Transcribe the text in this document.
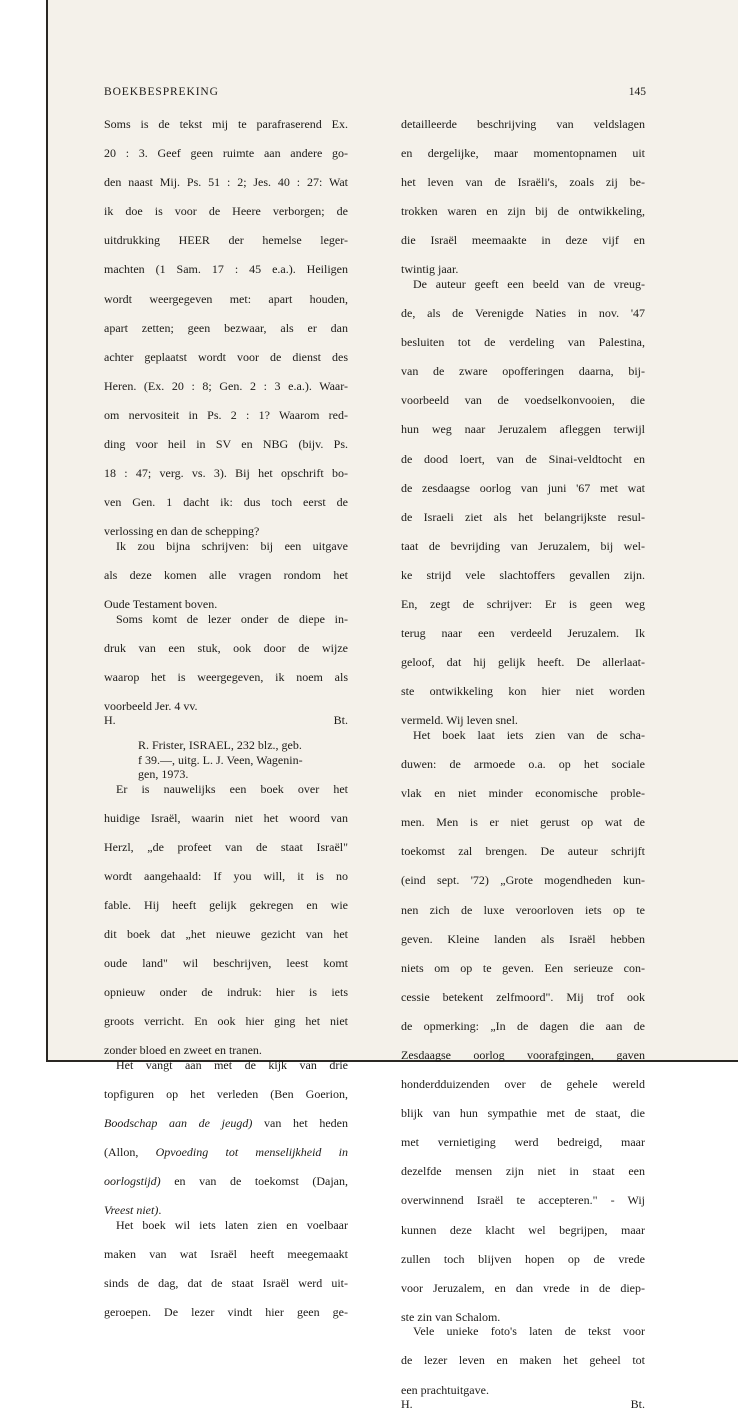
BOEKBESPREKING	145

Soms is de tekst mij te parafraserend Ex. 20 : 3. Geef geen ruimte aan andere go- den naast Mij. Ps. 51 : 2; Jes. 40 : 27: Wat ik doe is voor de Heere verborgen; de uitdrukking HEER der hemelse leger- machten (1 Sam. 17 : 45 e.a.). Heiligen wordt weergegeven met: apart houden, apart zetten; geen bezwaar, als er dan achter geplaatst wordt voor de dienst des Heren. (Ex. 20 : 8; Gen. 2 : 3 e.a.). Waar- om nervositeit in Ps. 2 : 1? Waarom red- ding voor heil in SV en NBG (bijv. Ps. 18 : 47; verg. vs. 3). Bij het opschrift bo- ven Gen. 1 dacht ik: dus toch eerst de verlossing en dan de schepping?

Ik zou bijna schrijven: bij een uitgave als deze komen alle vragen rondom het Oude Testament boven.

Soms komt de lezer onder de diepe in- druk van een stuk, ook door de wijze waarop het is weergegeven, ik noem als voorbeeld Jer. 4 vv.

H.	Bt.

R. Frister, ISRAEL, 232 blz., geb.
f 39.—, uitg. L. J. Veen, Wagenin-
gen, 1973.

Er is nauwelijks een boek over het huidige Israël, waarin niet het woord van Herzl, „de profeet van de staat Israël" wordt aangehaald: If you will, it is no fable. Hij heeft gelijk gekregen en wie dit boek dat „het nieuwe gezicht van het oude land" wil beschrijven, leest komt opnieuw onder de indruk: hier is iets groots verricht. En ook hier ging het niet zonder bloed en zweet en tranen.

Het vangt aan met de kijk van drie topfiguren op het verleden (Ben Goerion, Boodschap aan de jeugd) van het heden (Allon, Opvoeding tot menselijkheid in oorlogstijd) en van de toekomst (Dajan, Vreest niet).

Het boek wil iets laten zien en voelbaar maken van wat Israël heeft meegemaakt sinds de dag, dat de staat Israël werd uit- geroepen. De lezer vindt hier geen ge-

detailleerde beschrijving van veldslagen en dergelijke, maar momentopnamen uit het leven van de Israëli's, zoals zij be- trokken waren en zijn bij de ontwikkeling, die Israël meemaakte in deze vijf en twintig jaar.

De auteur geeft een beeld van de vreug- de, als de Verenigde Naties in nov. '47 besluiten tot de verdeling van Palestina, van de zware opofferingen daarna, bij- voorbeeld van de voedselkonvooien, die hun weg naar Jeruzalem afleggen terwijl de dood loert, van de Sinai-veldtocht en de zesdaagse oorlog van juni '67 met wat de Israeli ziet als het belangrijkste resul- taat de bevrijding van Jeruzalem, bij wel- ke strijd vele slachtoffers gevallen zijn. En, zegt de schrijver: Er is geen weg terug naar een verdeeld Jeruzalem. Ik geloof, dat hij gelijk heeft. De allerlaat- ste ontwikkeling kon hier niet worden vermeld. Wij leven snel.

Het boek laat iets zien van de scha- duwen: de armoede o.a. op het sociale vlak en niet minder economische proble- men. Men is er niet gerust op wat de toekomst zal brengen. De auteur schrijft (eind sept. '72) „Grote mogendheden kun- nen zich de luxe veroorloven iets op te geven. Kleine landen als Israël hebben niets om op te geven. Een serieuze con- cessie betekent zelfmoord". Mij trof ook de opmerking: „In de dagen die aan de Zesdaagse oorlog voorafgingen, gaven honderdduizenden over de gehele wereld blijk van hun sympathie met de staat, die met vernietiging werd bedreigd, maar dezelfde mensen zijn niet in staat een overwinnend Israël te accepteren." - Wij kunnen deze klacht wel begrijpen, maar zullen toch blijven hopen op de vrede voor Jeruzalem, en dan vrede in de diep- ste zin van Schalom.

Vele unieke foto's laten de tekst voor de lezer leven en maken het geheel tot een prachtuitgave.

H.	Bt.
